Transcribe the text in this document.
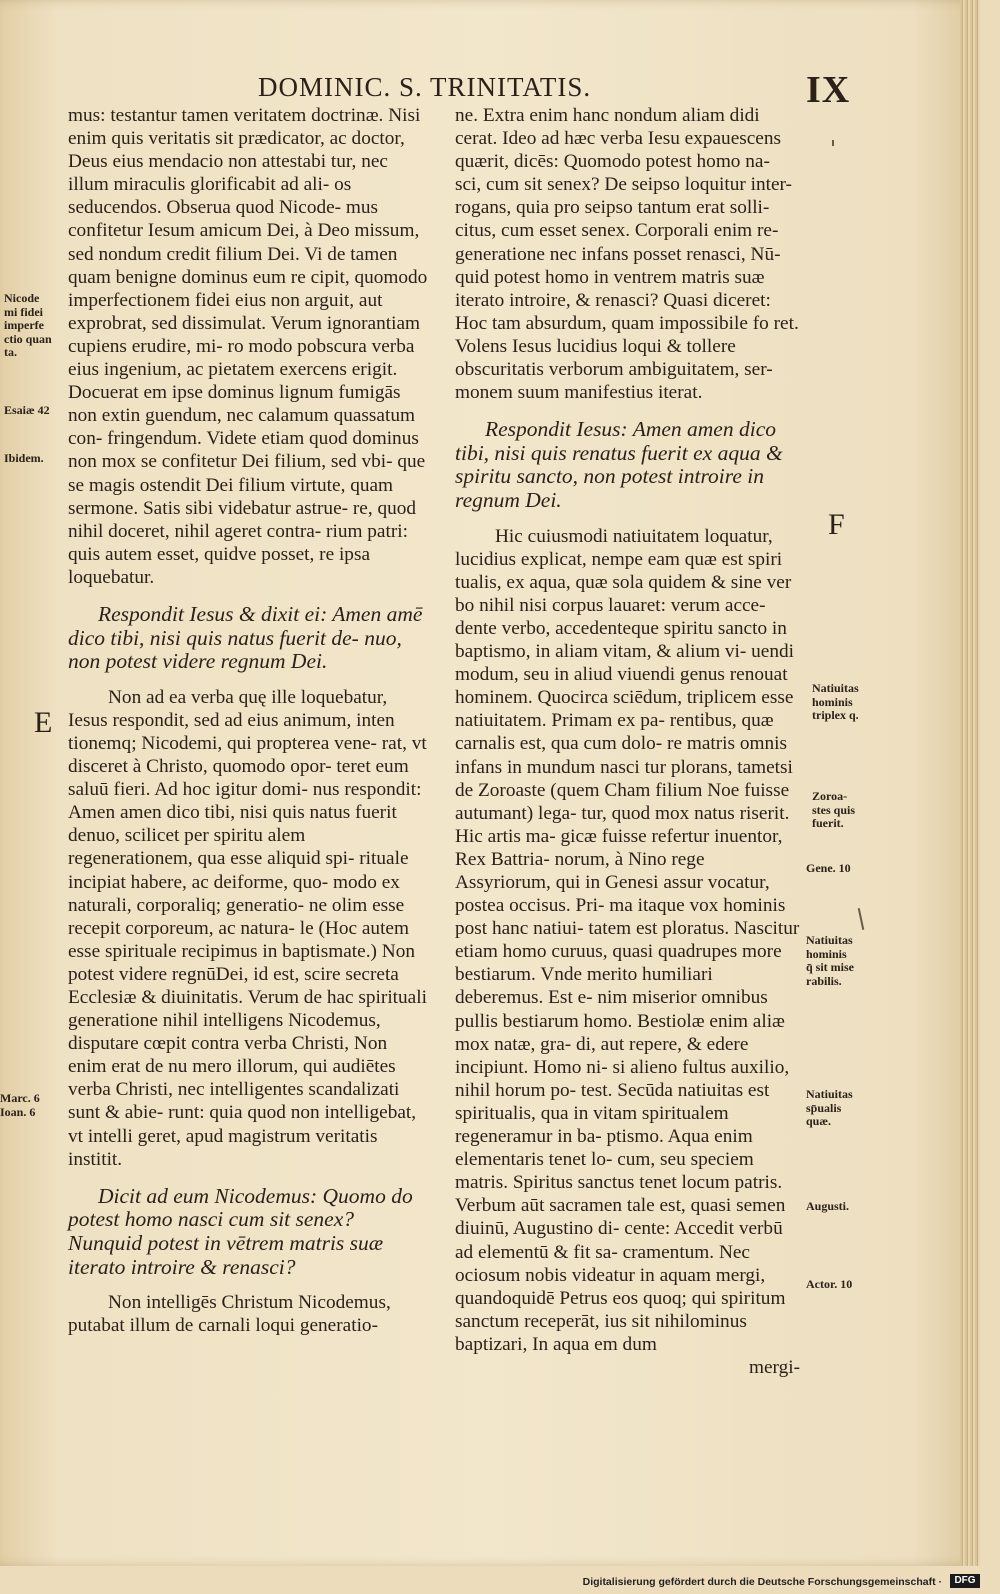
DOMINIC. S. TRINITATIS.	IX

mus: testantur tamen veritatem doctrinæ. Nisi enim quis veritatis sit prædicator, ac doctor, Deus eius mendacio non attestabi tur, nec illum miraculis glorificabit ad ali- os seducendos. Obserua quod Nicode- mus confitetur Iesum amicum Dei, à Deo missum, sed nondum credit filium Dei. Vi de tamen quam benigne dominus eum re cipit, quomodo imperfectionem fidei eius non arguit, aut exprobrat, sed dissimulat. Verum ignorantiam cupiens erudire, mi- ro modo pobscura verba eius ingenium, ac pietatem exercens erigit. Docuerat em ipse dominus lignum fumigās non extin guendum, nec calamum quassatum con- fringendum. Videte etiam quod dominus non mox se confitetur Dei filium, sed vbi- que se magis ostendit Dei filium virtute, quam sermone. Satis sibi videbatur astrue- re, quod nihil doceret, nihil ageret contra- rium patri: quis autem esset, quidve posset, re ipsa loquebatur.

Respondit Iesus & dixit ei: Amen amē dico tibi, nisi quis natus fuerit de- nuo, non potest videre regnum Dei.

Non ad ea verba quę ille loquebatur, Iesus respondit, sed ad eius animum, inten tionemq; Nicodemi, qui propterea vene- rat, vt disceret à Christo, quomodo opor- teret eum saluū fieri. Ad hoc igitur domi- nus respondit: Amen amen dico tibi, nisi quis natus fuerit denuo, scilicet per spiritu alem regenerationem, qua esse aliquid spi- rituale incipiat habere, ac deiforme, quo- modo ex naturali, corporaliq; generatio- ne olim esse recepit corporeum, ac natura- le (Hoc autem esse spirituale recipimus in baptismate.) Non potest videre regnūDei, id est, scire secreta Ecclesiæ & diuinitatis. Verum de hac spirituali generatione nihil intelligens Nicodemus, disputare cœpit contra verba Christi, Non enim erat de nu mero illorum, qui audiētes verba Christi, nec intelligentes scandalizati sunt & abie- runt: quia quod non intelligebat, vt intelli geret, apud magistrum veritatis institit.

Dicit ad eum Nicodemus: Quomo do potest homo nasci cum sit senex? Nunquid potest in vētrem matris suæ iterato introire & renasci?

Non intelligēs Christum Nicodemus, putabat illum de carnali loqui generatio-

ne. Extra enim hanc nondum aliam didi cerat. Ideo ad hæc verba Iesu expauescens quærit, dicēs: Quomodo potest homo na- sci, cum sit senex? De seipso loquitur inter- rogans, quia pro seipso tantum erat solli- citus, cum esset senex. Corporali enim re- generatione nec infans posset renasci, Nū- quid potest homo in ventrem matris suæ iterato introire, & renasci? Quasi diceret: Hoc tam absurdum, quam impossibile fo ret. Volens Iesus lucidius loqui & tollere obscuritatis verborum ambiguitatem, ser- monem suum manifestius iterat.

Respondit Iesus: Amen amen dico tibi, nisi quis renatus fuerit ex aqua & spiritu sancto, non potest introire in regnum Dei.

Hic cuiusmodi natiuitatem loquatur, lucidius explicat, nempe eam quæ est spiri tualis, ex aqua, quæ sola quidem & sine ver bo nihil nisi corpus lauaret: verum acce- dente verbo, accedenteque spiritu sancto in baptismo, in aliam vitam, & alium vi- uendi modum, seu in aliud viuendi genus renouat hominem. Quocirca sciēdum, triplicem esse natiuitatem. Primam ex pa- rentibus, quæ carnalis est, qua cum dolo- re matris omnis infans in mundum nasci tur plorans, tametsi de Zoroaste (quem Cham filium Noe fuisse autumant) lega- tur, quod mox natus riserit. Hic artis ma- gicæ fuisse refertur inuentor, Rex Battria- norum, à Nino rege Assyriorum, qui in Genesi assur vocatur, postea occisus. Pri- ma itaque vox hominis post hanc natiui- tatem est ploratus. Nascitur etiam homo curuus, quasi quadrupes more bestiarum. Vnde merito humiliari deberemus. Est e- nim miserior omnibus pullis bestiarum homo. Bestiolæ enim aliæ mox natæ, gra- di, aut repere, & edere incipiunt. Homo ni- si alieno fultus auxilio, nihil horum po- test. Secūda natiuitas est spiritualis, qua in vitam spiritualem regeneramur in ba- ptismo. Aqua enim elementaris tenet lo- cum, seu speciem matris. Spiritus sanctus tenet locum patris. Verbum aūt sacramen tale est, quasi semen diuinū, Augustino di- cente: Accedit verbū ad elementū & fit sa- cramentum. Nec ociosum nobis videatur in aquam mergi, quandoquidē Petrus eos quoq; qui spiritum sanctum receperāt, ius sit nihilominus baptizari, In aqua em dum

mergi-

Nicode
mi fidei
imperfe
ctio quan
ta.
Esaiæ 42
Ibidem.
E
Marc. 6
Ioan. 6
F
Natiuitas
hominis
triplex q.
Zoroa-
stes quis
fuerit.
Gene. 10
Natiuitas
hominis
q̄ sit mise
rabilis.
Natiuitas
sp̄ualis
quæ.
Augusti.
Actor. 10
Digitalisierung gefördert durch die Deutsche Forschungsgemeinschaft ·	DFG
